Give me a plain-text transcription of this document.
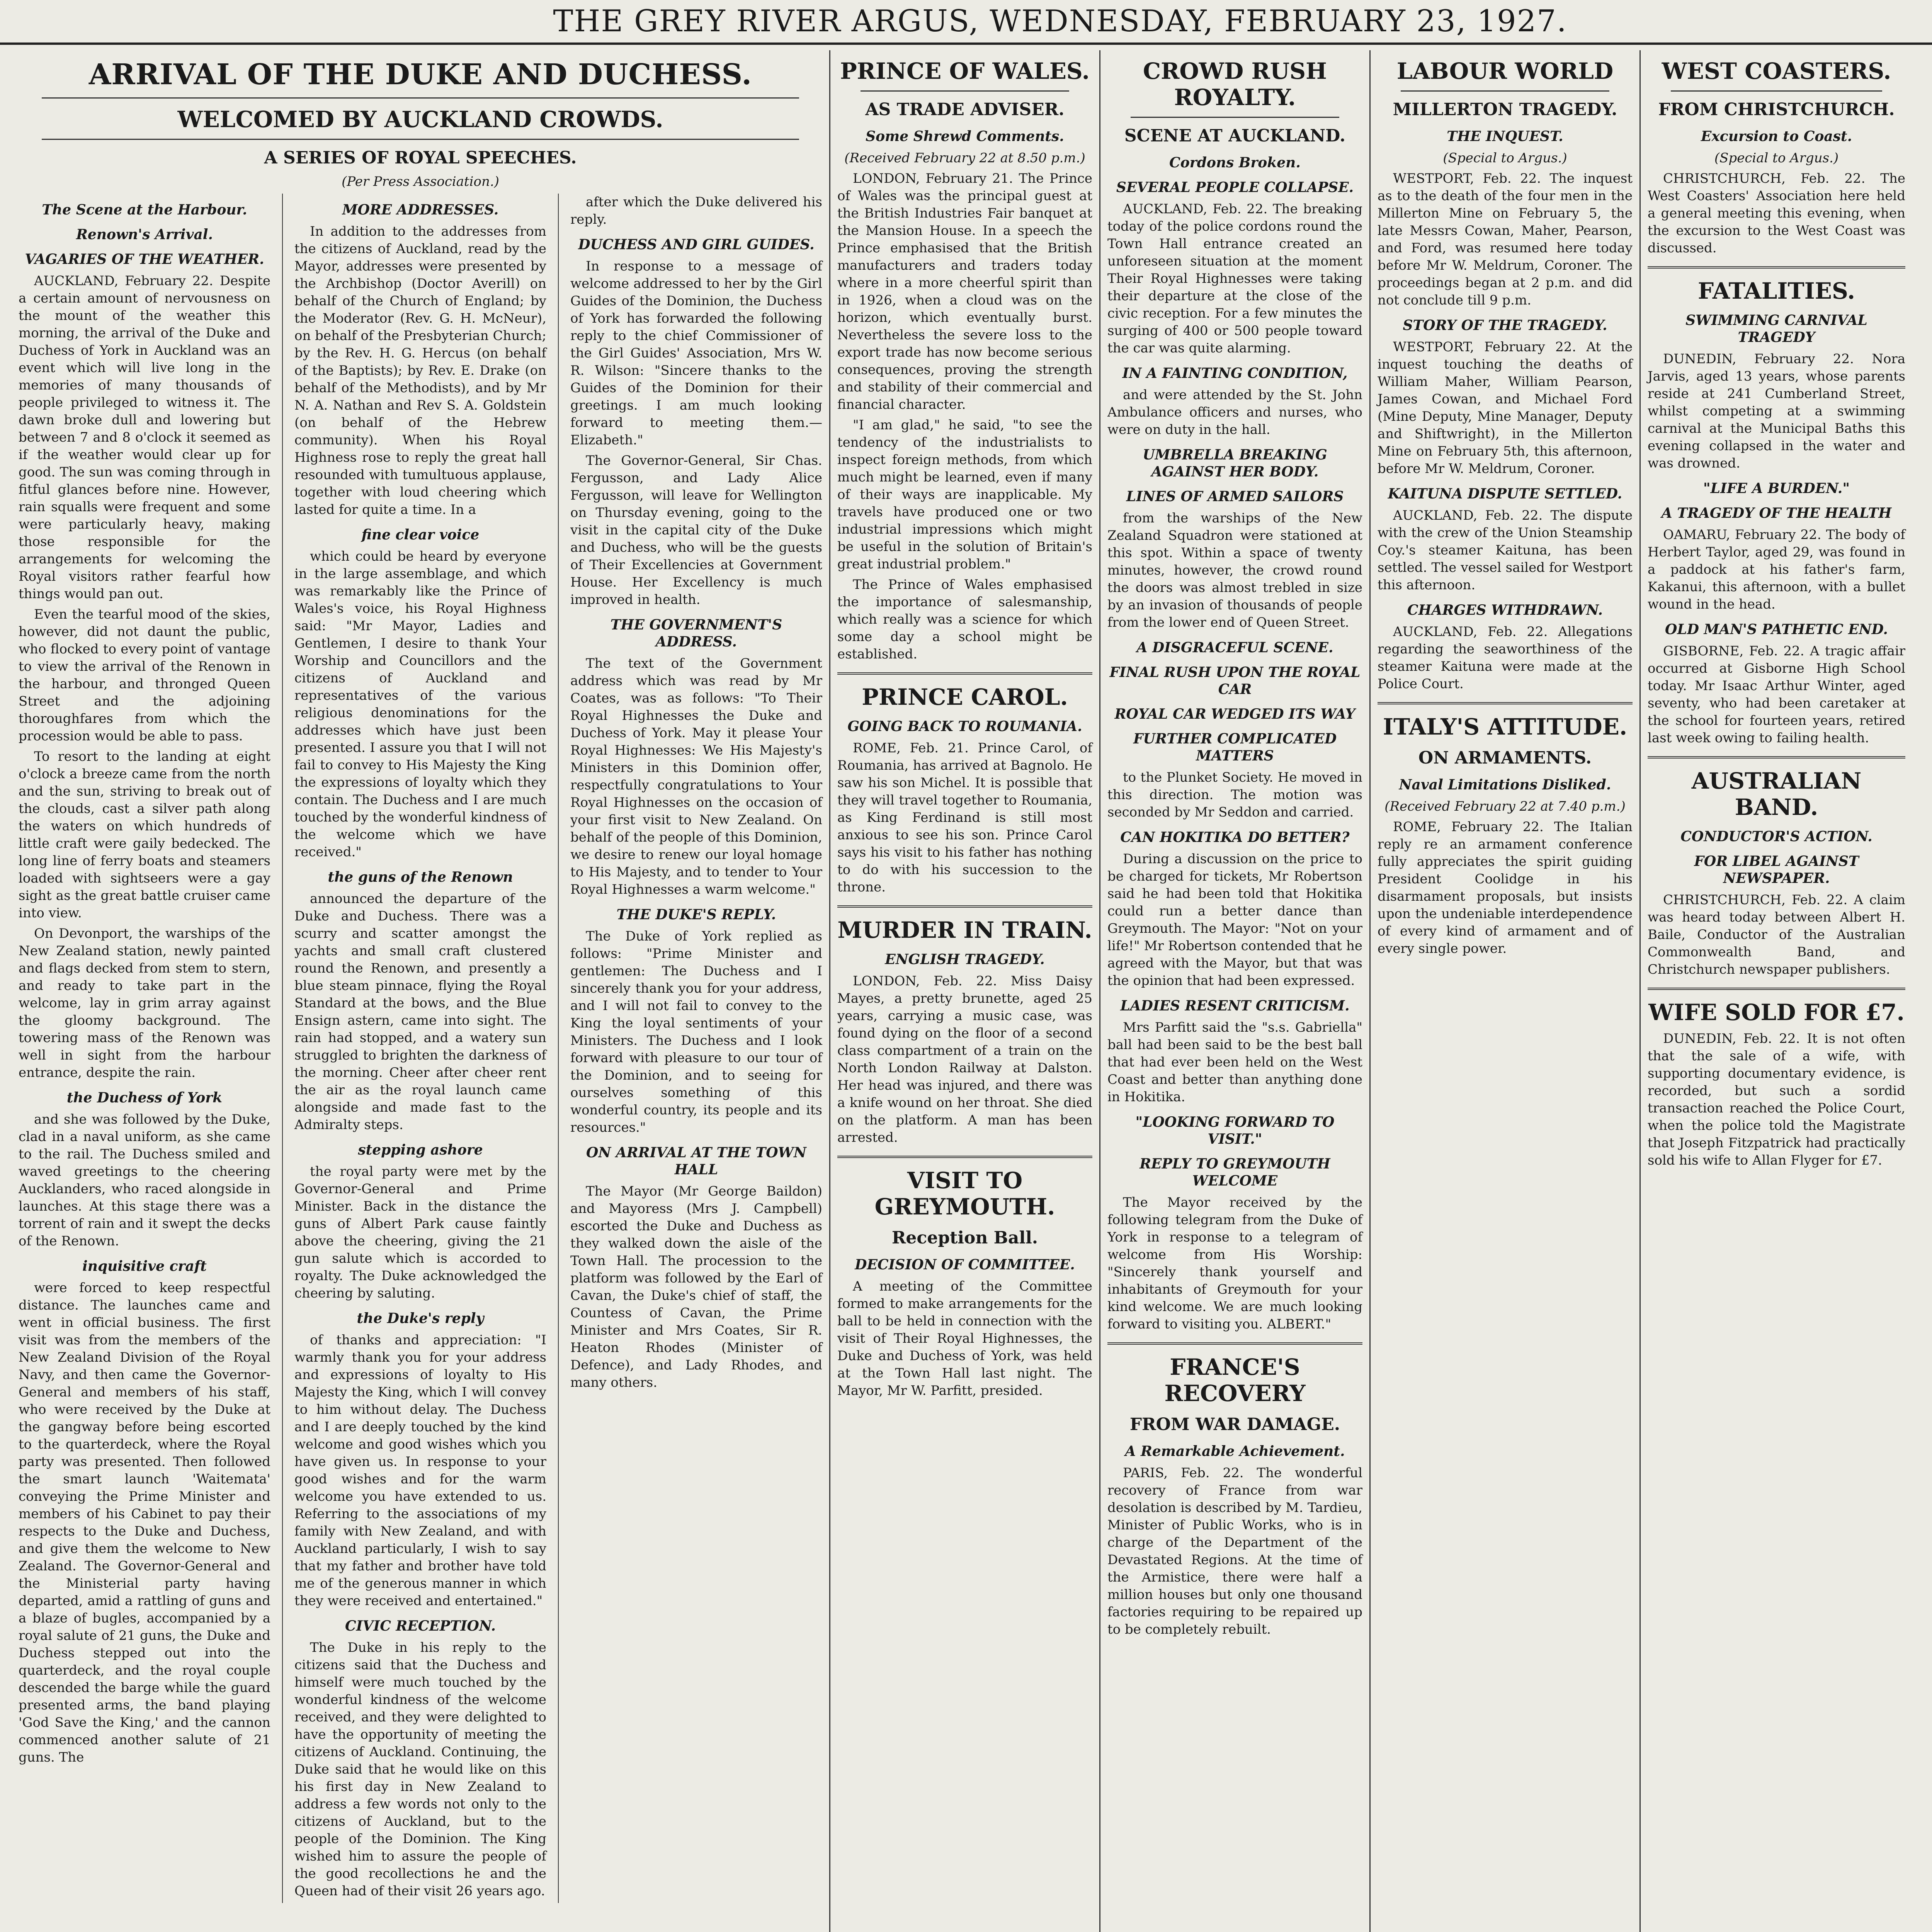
THE GREY RIVER ARGUS, WEDNESDAY, FEBRUARY 23, 1927.
ARRIVAL OF THE DUKE AND DUCHESS.
WELCOMED BY AUCKLAND CROWDS.
A SERIES OF ROYAL SPEECHES.
(Per Press Association.)
The Scene at the Harbour.
Renown's Arrival.
VAGARIES OF THE WEATHER.

AUCKLAND, February 22. Despite a certain amount of nervousness on the mount of the weather this morning, the arrival of the Duke and Duchess of York in Auckland was an event which will live long in the memories of many thousands of people privileged to witness it. The dawn broke dull and lowering but between 7 and 8 o'clock it seemed as if the weather would clear up for good. The sun was coming through in fitful glances before nine. However, rain squalls were frequent and some were particularly heavy, making those responsible for the arrangements for welcoming the Royal visitors rather fearful how things would pan out.

Even the tearful mood of the skies, however, did not daunt the public, who flocked to every point of vantage to view the arrival of the Renown in the harbour, and thronged Queen Street and the adjoining thoroughfares from which the procession would be able to pass.

To resort to the landing at eight o'clock a breeze came from the north and the sun, striving to break out of the clouds, cast a silver path along the waters on which hundreds of little craft were gaily bedecked. The long line of ferry boats and steamers loaded with sightseers were a gay sight as the great battle cruiser came into view.

On Devonport, the warships of the New Zealand station, newly painted and flags decked from stem to stern, and ready to take part in the welcome, lay in grim array against the gloomy background. The towering mass of the Renown was well in sight from the harbour entrance, despite the rain.

the Duchess of York

and she was followed by the Duke, clad in a naval uniform, as she came to the rail. The Duchess smiled and waved greetings to the cheering Aucklanders, who raced alongside in launches. At this stage there was a torrent of rain and it swept the decks of the Renown.

inquisitive craft

were forced to keep respectful distance. The launches came and went in official business. The first visit was from the members of the New Zealand Division of the Royal Navy, and then came the Governor-General and members of his staff, who were received by the Duke at the gangway before being escorted to the quarterdeck, where the Royal party was presented. Then followed the smart launch 'Waitemata' conveying the Prime Minister and members of his Cabinet to pay their respects to the Duke and Duchess, and give them the welcome to New Zealand. The Governor-General and the Ministerial party having departed, amid a rattling of guns and a blaze of bugles, accompanied by a royal salute of 21 guns, the Duke and Duchess stepped out into the quarterdeck, and the royal couple descended the barge while the guard presented arms, the band playing 'God Save the King,' and the cannon commenced another salute of 21 guns. The

MORE ADDRESSES.

In addition to the addresses from the citizens of Auckland, read by the Mayor, addresses were presented by the Archbishop (Doctor Averill) on behalf of the Church of England; by the Moderator (Rev. G. H. McNeur), on behalf of the Presbyterian Church; by the Rev. H. G. Hercus (on behalf of the Baptists); by Rev. E. Drake (on behalf of the Methodists), and by Mr N. A. Nathan and Rev S. A. Goldstein (on behalf of the Hebrew community). When his Royal Highness rose to reply the great hall resounded with tumultuous applause, together with loud cheering which lasted for quite a time. In a

fine clear voice

which could be heard by everyone in the large assemblage, and which was remarkably like the Prince of Wales's voice, his Royal Highness said: "Mr Mayor, Ladies and Gentlemen, I desire to thank Your Worship and Councillors and the citizens of Auckland and representatives of the various religious denominations for the addresses which have just been presented. I assure you that I will not fail to convey to His Majesty the King the expressions of loyalty which they contain. The Duchess and I are much touched by the wonderful kindness of the welcome which we have received."

the guns of the Renown

announced the departure of the Duke and Duchess. There was a scurry and scatter amongst the yachts and small craft clustered round the Renown, and presently a blue steam pinnace, flying the Royal Standard at the bows, and the Blue Ensign astern, came into sight. The rain had stopped, and a watery sun struggled to brighten the darkness of the morning. Cheer after cheer rent the air as the royal launch came alongside and made fast to the Admiralty steps.

stepping ashore

the royal party were met by the Governor-General and Prime Minister. Back in the distance the guns of Albert Park cause faintly above the cheering, giving the 21 gun salute which is accorded to royalty. The Duke acknowledged the cheering by saluting.

the Duke's reply

of thanks and appreciation: "I warmly thank you for your address and expressions of loyalty to His Majesty the King, which I will convey to him without delay. The Duchess and I are deeply touched by the kind welcome and good wishes which you have given us. In response to your good wishes and for the warm welcome you have extended to us. Referring to the associations of my family with New Zealand, and with Auckland particularly, I wish to say that my father and brother have told me of the generous manner in which they were received and entertained."

CIVIC RECEPTION.

The Duke in his reply to the citizens said that the Duchess and himself were much touched by the wonderful kindness of the welcome received, and they were delighted to have the opportunity of meeting the citizens of Auckland. Continuing, the Duke said that he would like on this his first day in New Zealand to address a few words not only to the citizens of Auckland, but to the people of the Dominion. The King wished him to assure the people of the good recollections he and the Queen had of their visit 26 years ago.

after which the Duke delivered his reply.

DUCHESS AND GIRL GUIDES.

In response to a message of welcome addressed to her by the Girl Guides of the Dominion, the Duchess of York has forwarded the following reply to the chief Commissioner of the Girl Guides' Association, Mrs W. R. Wilson: "Sincere thanks to the Guides of the Dominion for their greetings. I am much looking forward to meeting them.—Elizabeth."

The Governor-General, Sir Chas. Fergusson, and Lady Alice Fergusson, will leave for Wellington on Thursday evening, going to the visit in the capital city of the Duke and Duchess, who will be the guests of Their Excellencies at Government House. Her Excellency is much improved in health.

THE GOVERNMENT'S ADDRESS.

The text of the Government address which was read by Mr Coates, was as follows: "To Their Royal Highnesses the Duke and Duchess of York. May it please Your Royal Highnesses: We His Majesty's Ministers in this Dominion offer, respectfully congratulations to Your Royal Highnesses on the occasion of your first visit to New Zealand. On behalf of the people of this Dominion, we desire to renew our loyal homage to His Majesty, and to tender to Your Royal Highnesses a warm welcome."

THE DUKE'S REPLY.

The Duke of York replied as follows: "Prime Minister and gentlemen: The Duchess and I sincerely thank you for your address, and I will not fail to convey to the King the loyal sentiments of your Ministers. The Duchess and I look forward with pleasure to our tour of the Dominion, and to seeing for ourselves something of this wonderful country, its people and its resources."

ON ARRIVAL AT THE TOWN HALL

The Mayor (Mr George Baildon) and Mayoress (Mrs J. Campbell) escorted the Duke and Duchess as they walked down the aisle of the Town Hall. The procession to the platform was followed by the Earl of Cavan, the Duke's chief of staff, the Countess of Cavan, the Prime Minister and Mrs Coates, Sir R. Heaton Rhodes (Minister of Defence), and Lady Rhodes, and many others.

PRINCE OF WALES.
AS TRADE ADVISER.
Some Shrewd Comments.
(Received February 22 at 8.50 p.m.)

LONDON, February 21. The Prince of Wales was the principal guest at the British Industries Fair banquet at the Mansion House. In a speech the Prince emphasised that the British manufacturers and traders today where in a more cheerful spirit than in 1926, when a cloud was on the horizon, which eventually burst. Nevertheless the severe loss to the export trade has now become serious consequences, proving the strength and stability of their commercial and financial character.

"I am glad," he said, "to see the tendency of the industrialists to inspect foreign methods, from which much might be learned, even if many of their ways are inapplicable. My travels have produced one or two industrial impressions which might be useful in the solution of Britain's great industrial problem."

The Prince of Wales emphasised the importance of salesmanship, which really was a science for which some day a school might be established.

PRINCE CAROL.
GOING BACK TO ROUMANIA.

ROME, Feb. 21. Prince Carol, of Roumania, has arrived at Bagnolo. He saw his son Michel. It is possible that they will travel together to Roumania, as King Ferdinand is still most anxious to see his son. Prince Carol says his visit to his father has nothing to do with his succession to the throne.

MURDER IN TRAIN.
ENGLISH TRAGEDY.

LONDON, Feb. 22. Miss Daisy Mayes, a pretty brunette, aged 25 years, carrying a music case, was found dying on the floor of a second class compartment of a train on the North London Railway at Dalston. Her head was injured, and there was a knife wound on her throat. She died on the platform. A man has been arrested.

VISIT TO GREYMOUTH.
Reception Ball.
DECISION OF COMMITTEE.

A meeting of the Committee formed to make arrangements for the ball to be held in connection with the visit of Their Royal Highnesses, the Duke and Duchess of York, was held at the Town Hall last night. The Mayor, Mr W. Parfitt, presided.

CROWD RUSH ROYALTY.
SCENE AT AUCKLAND.
Cordons Broken.
SEVERAL PEOPLE COLLAPSE.

AUCKLAND, Feb. 22. The breaking today of the police cordons round the Town Hall entrance created an unforeseen situation at the moment Their Royal Highnesses were taking their departure at the close of the civic reception. For a few minutes the surging of 400 or 500 people toward the car was quite alarming.

IN A FAINTING CONDITION,

and were attended by the St. John Ambulance officers and nurses, who were on duty in the hall.

UMBRELLA BREAKING AGAINST HER BODY.
LINES OF ARMED SAILORS

from the warships of the New Zealand Squadron were stationed at this spot. Within a space of twenty minutes, however, the crowd round the doors was almost trebled in size by an invasion of thousands of people from the lower end of Queen Street.

A DISGRACEFUL SCENE.
FINAL RUSH UPON THE ROYAL CAR
ROYAL CAR WEDGED ITS WAY
FURTHER COMPLICATED MATTERS

to the Plunket Society. He moved in this direction. The motion was seconded by Mr Seddon and carried.

CAN HOKITIKA DO BETTER?

During a discussion on the price to be charged for tickets, Mr Robertson said he had been told that Hokitika could run a better dance than Greymouth. The Mayor: "Not on your life!" Mr Robertson contended that he agreed with the Mayor, but that was the opinion that had been expressed.

LADIES RESENT CRITICISM.

Mrs Parfitt said the "s.s. Gabriella" ball had been said to be the best ball that had ever been held on the West Coast and better than anything done in Hokitika.

"LOOKING FORWARD TO VISIT."
REPLY TO GREYMOUTH WELCOME

The Mayor received by the following telegram from the Duke of York in response to a telegram of welcome from His Worship: "Sincerely thank yourself and inhabitants of Greymouth for your kind welcome. We are much looking forward to visiting you. ALBERT."

FRANCE'S RECOVERY
FROM WAR DAMAGE.
A Remarkable Achievement.

PARIS, Feb. 22. The wonderful recovery of France from war desolation is described by M. Tardieu, Minister of Public Works, who is in charge of the Department of the Devastated Regions. At the time of the Armistice, there were half a million houses but only one thousand factories requiring to be repaired up to be completely rebuilt.

LABOUR WORLD
MILLERTON TRAGEDY.
THE INQUEST.
(Special to Argus.)

WESTPORT, Feb. 22. The inquest as to the death of the four men in the Millerton Mine on February 5, the late Messrs Cowan, Maher, Pearson, and Ford, was resumed here today before Mr W. Meldrum, Coroner. The proceedings began at 2 p.m. and did not conclude till 9 p.m.

STORY OF THE TRAGEDY.

WESTPORT, February 22. At the inquest touching the deaths of William Maher, William Pearson, James Cowan, and Michael Ford (Mine Deputy, Mine Manager, Deputy and Shiftwright), in the Millerton Mine on February 5th, this afternoon, before Mr W. Meldrum, Coroner.

KAITUNA DISPUTE SETTLED.

AUCKLAND, Feb. 22. The dispute with the crew of the Union Steamship Coy.'s steamer Kaituna, has been settled. The vessel sailed for Westport this afternoon.

CHARGES WITHDRAWN.

AUCKLAND, Feb. 22. Allegations regarding the seaworthiness of the steamer Kaituna were made at the Police Court.

ITALY'S ATTITUDE.
ON ARMAMENTS.
Naval Limitations Disliked.
(Received February 22 at 7.40 p.m.)

ROME, February 22. The Italian reply re an armament conference fully appreciates the spirit guiding President Coolidge in his disarmament proposals, but insists upon the undeniable interdependence of every kind of armament and of every single power.

WEST COASTERS.
FROM CHRISTCHURCH.
Excursion to Coast.
(Special to Argus.)

CHRISTCHURCH, Feb. 22. The West Coasters' Association here held a general meeting this evening, when the excursion to the West Coast was discussed.

FATALITIES.
SWIMMING CARNIVAL TRAGEDY

DUNEDIN, February 22. Nora Jarvis, aged 13 years, whose parents reside at 241 Cumberland Street, whilst competing at a swimming carnival at the Municipal Baths this evening collapsed in the water and was drowned.

"LIFE A BURDEN."
A TRAGEDY OF THE HEALTH

OAMARU, February 22. The body of Herbert Taylor, aged 29, was found in a paddock at his father's farm, Kakanui, this afternoon, with a bullet wound in the head.

OLD MAN'S PATHETIC END.

GISBORNE, Feb. 22. A tragic affair occurred at Gisborne High School today. Mr Isaac Arthur Winter, aged seventy, who had been caretaker at the school for fourteen years, retired last week owing to failing health.

AUSTRALIAN BAND.
CONDUCTOR'S ACTION.
FOR LIBEL AGAINST NEWSPAPER.

CHRISTCHURCH, Feb. 22. A claim was heard today between Albert H. Baile, Conductor of the Australian Commonwealth Band, and Christchurch newspaper publishers.

WIFE SOLD FOR £7.

DUNEDIN, Feb. 22. It is not often that the sale of a wife, with supporting documentary evidence, is recorded, but such a sordid transaction reached the Police Court, when the police told the Magistrate that Joseph Fitzpatrick had practically sold his wife to Allan Flyger for £7.
